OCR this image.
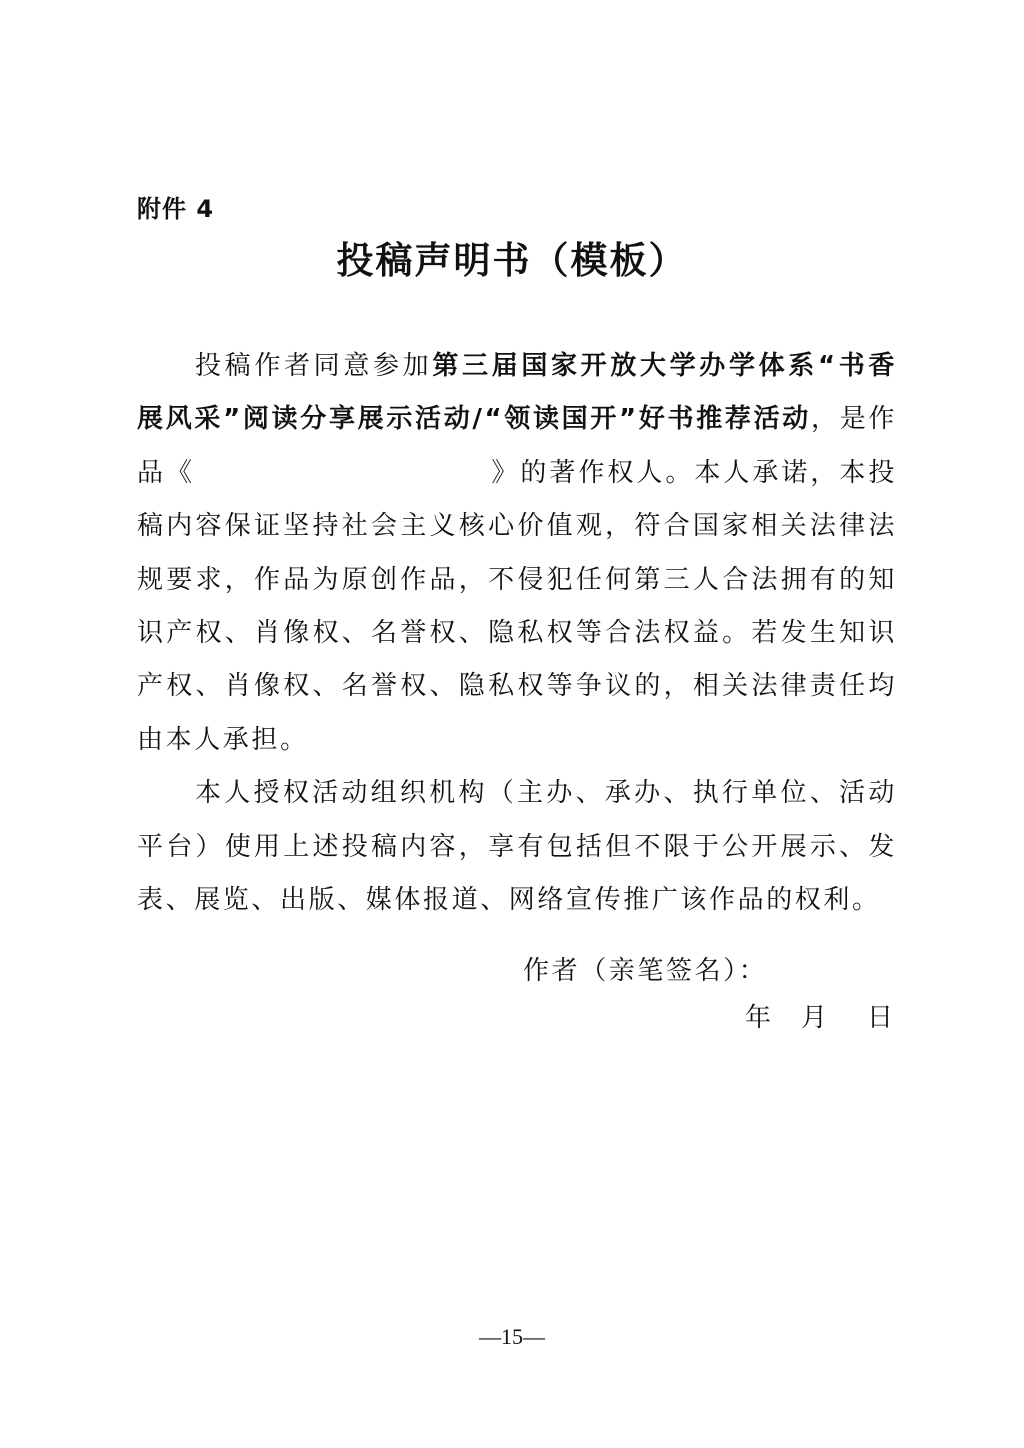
附件 4
投稿声明书（模板）

投稿作者同意参加第三届国家开放大学办学体系“书香展风采”阅读分享展示活动/“领读国开”好书推荐活动，是作品《	》的著作权人。本人承诺，本投稿内容保证坚持社会主义核心价值观，符合国家相关法律法规要求，作品为原创作品，不侵犯任何第三人合法拥有的知识产权、肖像权、名誉权、隐私权等合法权益。若发生知识产权、肖像权、名誉权、隐私权等争议的，相关法律责任均由本人承担。

本人授权活动组织机构（主办、承办、执行单位、活动平台）使用上述投稿内容，享有包括但不限于公开展示、发表、展览、出版、媒体报道、网络宣传推广该作品的权利。

作者（亲笔签名）：
年 月 日
—15—
